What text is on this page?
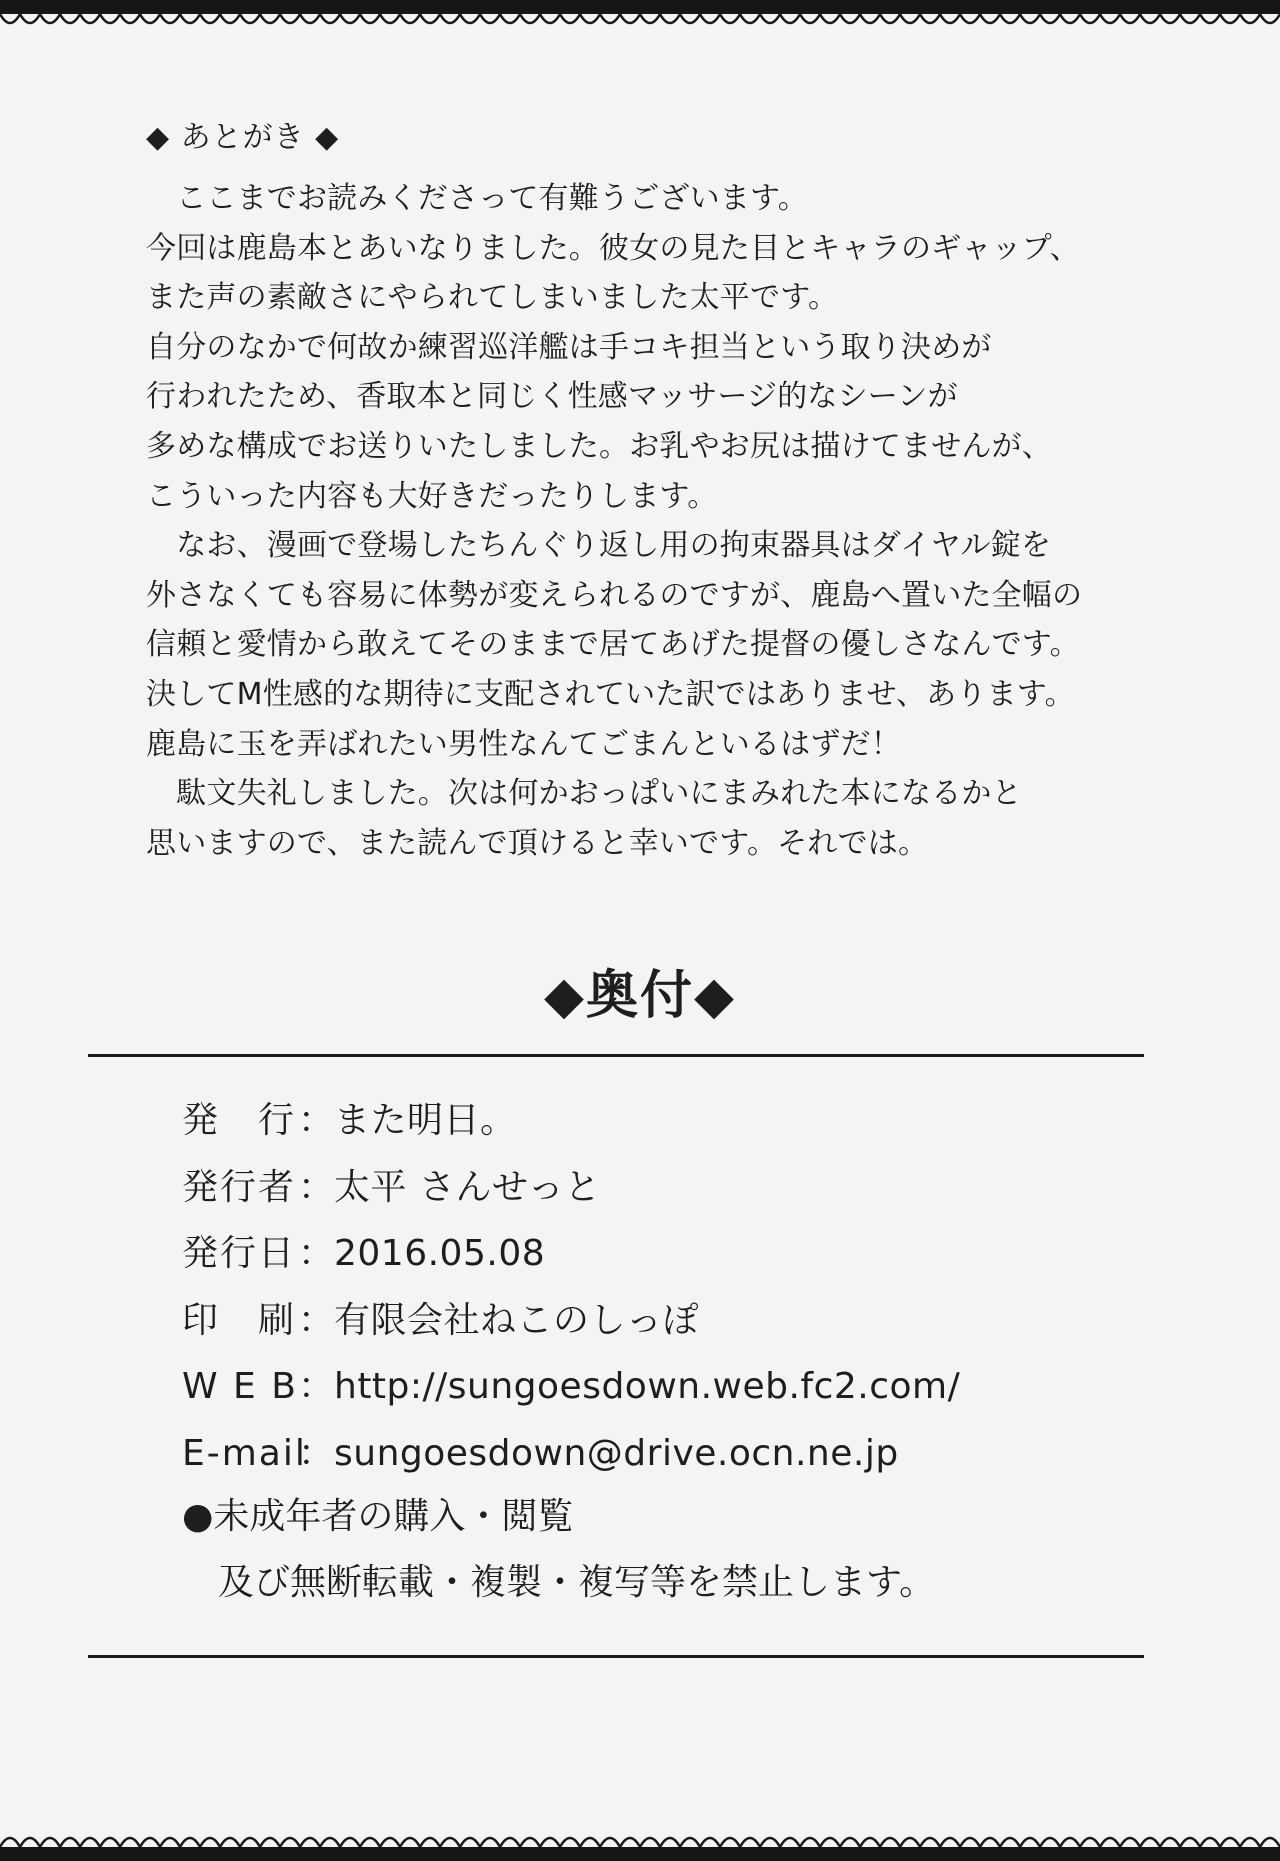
◆ あとがき ◆
　ここまでお読みくださって有難うございます。
今回は鹿島本とあいなりました。彼女の見た目とキャラのギャップ、
また声の素敵さにやられてしまいました太平です。
自分のなかで何故か練習巡洋艦は手コキ担当という取り決めが
行われたため、香取本と同じく性感マッサージ的なシーンが
多めな構成でお送りいたしました。お乳やお尻は描けてませんが、
こういった内容も大好きだったりします。
　なお、漫画で登場したちんぐり返し用の拘束器具はダイヤル錠を
外さなくても容易に体勢が変えられるのですが、鹿島へ置いた全幅の
信頼と愛情から敢えてそのままで居てあげた提督の優しさなんです。
決してM性感的な期待に支配されていた訳ではありませ、あります。
鹿島に玉を弄ばれたい男性なんてごまんといるはずだ！
　駄文失礼しました。次は何かおっぱいにまみれた本になるかと
思いますので、また読んで頂けると幸いです。それでは。
◆奥付◆
発　行 ： また明日。
発行者 ： 太平 さんせっと
発行日 ： 2016.05.08
印　刷 ： 有限会社ねこのしっぽ
W E B ： http://sungoesdown.web.fc2.com/
E-mail
： sungoesdown@drive.ocn.ne.jp
●未成年者の購入・閲覧
及び無断転載・複製・複写等を禁止します。
